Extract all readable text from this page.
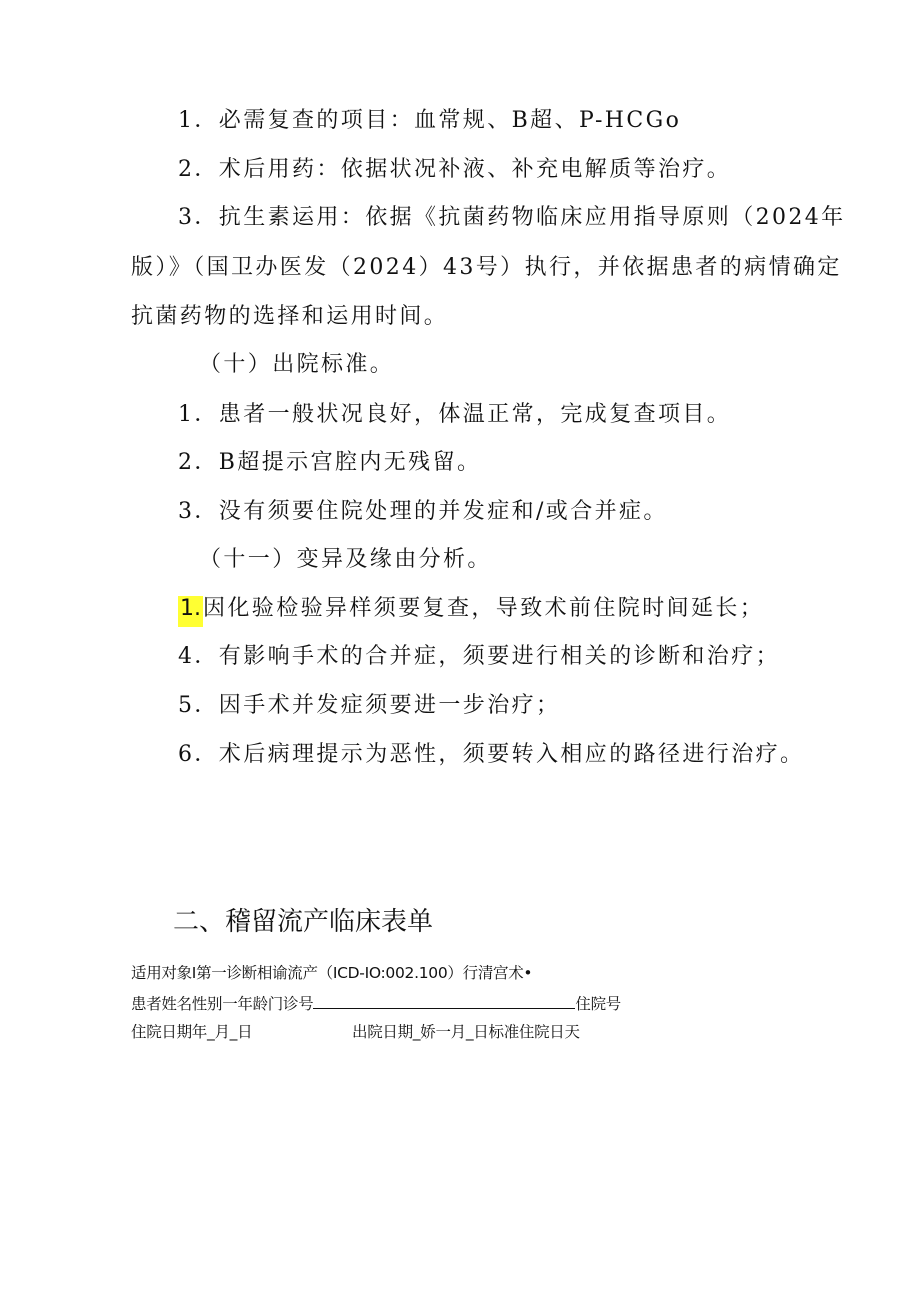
1．必需复查的项目：血常规、B超、P-HCGo
2．术后用药：依据状况补液、补充电解质等治疗。
3．抗生素运用：依据《抗菌药物临床应用指导原则（2024年
版）》（国卫办医发（2024）43号）执行，并依据患者的病情确定
抗菌药物的选择和运用时间。
（十）出院标准。
1．患者一般状况良好，体温正常，完成复查项目。
2．B超提示宫腔内无残留。
3．没有须要住院处理的并发症和/或合并症。
（十一）变异及缘由分析。
1.因化验检验异样须要复查，导致术前住院时间延长；
4．有影响手术的合并症，须要进行相关的诊断和治疗；
5．因手术并发症须要进一步治疗；
6．术后病理提示为恶性，须要转入相应的路径进行治疗。
二、稽留流产临床表单
适用对象I第一诊断相谕流产（ICD-IO:002.100）行清宫术•
患者姓名性别一年龄门诊号	住院号
住院日期年_月_日	出院日期_娇一月_日标准住院日天
